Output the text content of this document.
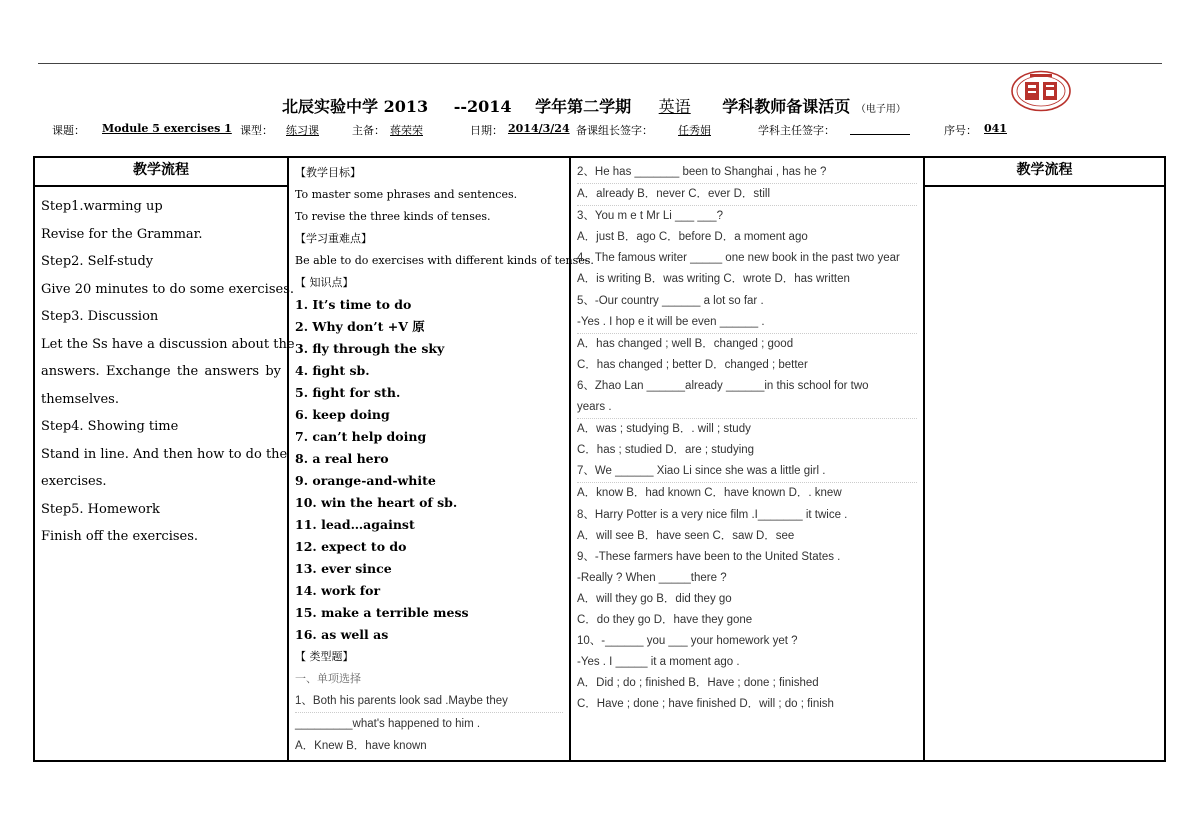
北辰实验中学 2013 --2014 学年第二学期 英语 学科教师备课活页 （电子用）
课题： Module 5 exercises 1 课型： 练习课	主备： 蒋荣荣	日期： 2014/3/24 备课组长签字： 任秀娟	学科主任签字：	序号： 041
教学流程
Step1.warming up
Revise for the Grammar.
Step2. Self-study
Give 20 minutes to do some exercises.
Step3. Discussion
Let the Ss have a discussion about the
answers. Exchange the answers by
themselves.
Step4. Showing time
Stand in line. And then how to do the
exercises.
Step5. Homework
Finish off the exercises.
【教学目标】
To master some phrases and sentences.
To revise the three kinds of tenses.
【学习重难点】
Be able to do exercises with different kinds of tenses.
【 知识点】
1. It’s time to do
2. Why don’t +V 原
3. fly through the sky
4. fight sb.
5. fight for sth.
6. keep doing
7. can’t help doing
8. a real hero
9. orange-and-white
10. win the heart of sb.
11. lead…against
12. expect to do
13. ever since
14. work for
15. make a terrible mess
16. as well as
【 类型题】
一、单项选择
1、Both his parents look sad .Maybe they
_________what's happened to him .
A．Knew B．have known
2、He has _______ been to Shanghai , has he ?
A．already B．never C．ever D．still
3、You m e t Mr Li ___ ___?
A．just B．ago C．before D．a moment ago
4、The famous writer _____ one new book in the past two year
A．is writing B．was writing C．wrote D．has written
5、-Our country ______ a lot so far .
-Yes . I hop e it will be even ______ .
A．has changed ; well B．changed ; good
C．has changed ; better D．changed ; better
6、Zhao Lan ______already ______in this school for two
years .
A．was ; studying B．. will ; study
C．has ; studied D．are ; studying
7、We ______ Xiao Li since she was a little girl .
A．know B．had known C．have known D．. knew
8、Harry Potter is a very nice film .I_______ it twice .
A．will see B．have seen C．saw D．see
9、-These farmers have been to the United States .
-Really ? When _____there ?
A．will they go B．did they go
C．do they go D．have they gone
10、-______ you ___ your homework yet ?
-Yes . I _____ it a moment ago .
A．Did ; do ; finished B．Have ; done ; finished
C．Have ; done ; have finished D．will ; do ; finish
教学流程
